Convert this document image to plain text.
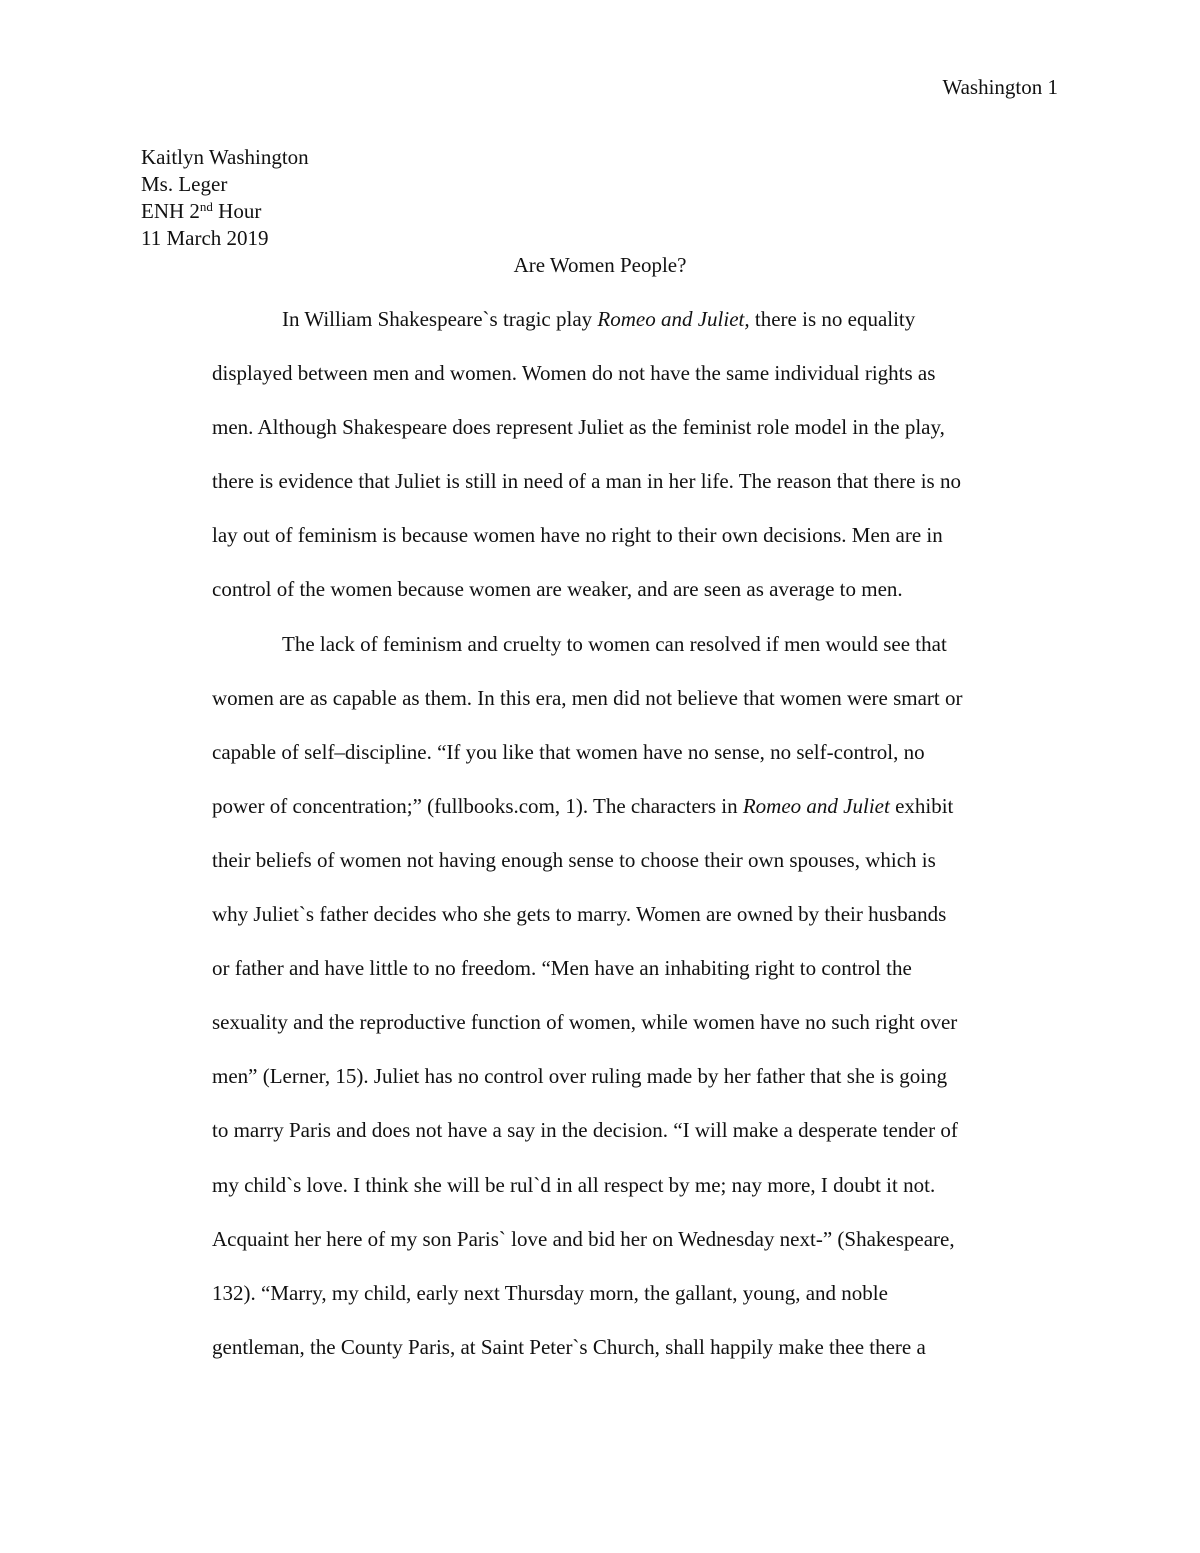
Washington 1
Kaitlyn Washington
Ms. Leger
ENH 2nd Hour
11 March 2019
Are Women People?
In William Shakespeare`s tragic play Romeo and Juliet, there is no equality
displayed between men and women. Women do not have the same individual rights as
men. Although Shakespeare does represent Juliet as the feminist role model in the play,
there is evidence that Juliet is still in need of a man in her life. The reason that there is no
lay out of feminism is because women have no right to their own decisions. Men are in
control of the women because women are weaker, and are seen as average to men.
The lack of feminism and cruelty to women can resolved if men would see that
women are as capable as them. In this era, men did not believe that women were smart or
capable of self–discipline. “If you like that women have no sense, no self-control, no
power of concentration;” (fullbooks.com, 1). The characters in Romeo and Juliet exhibit
their beliefs of women not having enough sense to choose their own spouses, which is
why Juliet`s father decides who she gets to marry. Women are owned by their husbands
or father and have little to no freedom. “Men have an inhabiting right to control the
sexuality and the reproductive function of women, while women have no such right over
men” (Lerner, 15). Juliet has no control over ruling made by her father that she is going
to marry Paris and does not have a say in the decision. “I will make a desperate tender of
my child`s love. I think she will be rul`d in all respect by me; nay more, I doubt it not.
Acquaint her here of my son Paris` love and bid her on Wednesday next-” (Shakespeare,
132). “Marry, my child, early next Thursday morn, the gallant, young, and noble
gentleman, the County Paris, at Saint Peter`s Church, shall happily make thee there a
